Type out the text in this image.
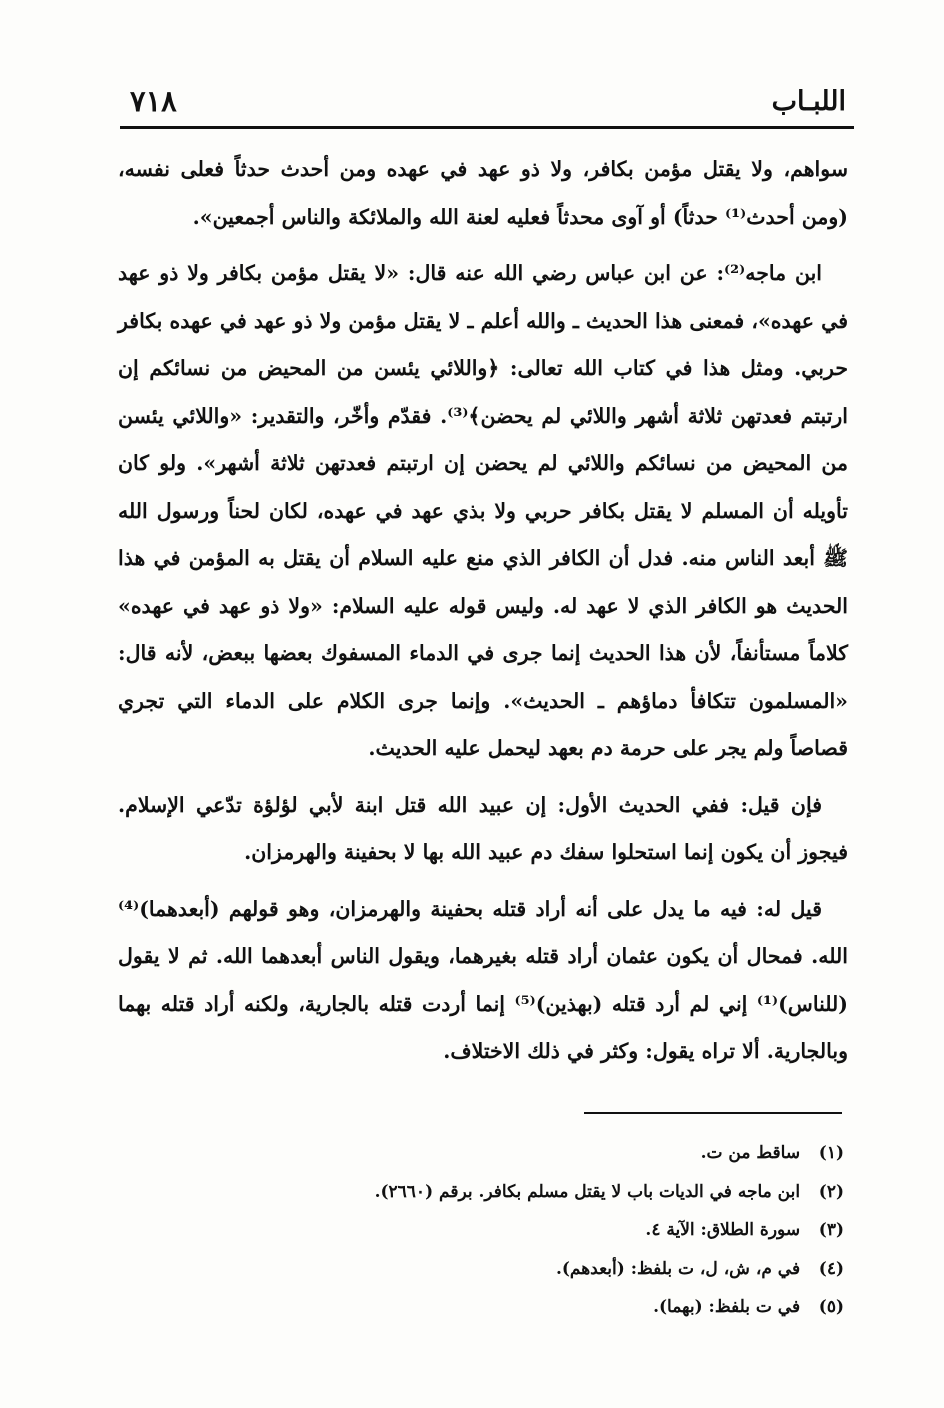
اللبـاب
٧١٨

سواهم، ولا يقتل مؤمن بكافر، ولا ذو عهد في عهده ومن أحدث حدثاً فعلى نفسه، (ومن أحدث⁽¹⁾ حدثاً) أو آوى محدثاً فعليه لعنة الله والملائكة والناس أجمعين».

ابن ماجه⁽²⁾: عن ابن عباس رضي الله عنه قال: «لا يقتل مؤمن بكافر ولا ذو عهد في عهده»، فمعنى هذا الحديث ـ والله أعلم ـ لا يقتل مؤمن ولا ذو عهد في عهده بكافر حربي. ومثل هذا في كتاب الله تعالى: ﴿واللائي يئسن من المحيض من نسائكم إن ارتبتم فعدتهن ثلاثة أشهر واللائي لم يحضن﴾⁽³⁾. فقدّم وأخّر، والتقدير: «واللائي يئسن من المحيض من نسائكم واللائي لم يحضن إن ارتبتم فعدتهن ثلاثة أشهر». ولو كان تأويله أن المسلم لا يقتل بكافر حربي ولا بذي عهد في عهده، لكان لحناً ورسول الله ﷺ أبعد الناس منه. فدل أن الكافر الذي منع عليه السلام أن يقتل به المؤمن في هذا الحديث هو الكافر الذي لا عهد له. وليس قوله عليه السلام: «ولا ذو عهد في عهده» كلاماً مستأنفاً، لأن هذا الحديث إنما جرى في الدماء المسفوك بعضها ببعض، لأنه قال: «المسلمون تتكافأ دماؤهم ـ الحديث». وإنما جرى الكلام على الدماء التي تجري قصاصاً ولم يجر على حرمة دم بعهد ليحمل عليه الحديث.

فإن قيل: ففي الحديث الأول: إن عبيد الله قتل ابنة لأبي لؤلؤة تدّعي الإسلام. فيجوز أن يكون إنما استحلوا سفك دم عبيد الله بها لا بحفينة والهرمزان.

قيل له: فيه ما يدل على أنه أراد قتله بحفينة والهرمزان، وهو قولهم (أبعدهما)⁽⁴⁾ الله. فمحال أن يكون عثمان أراد قتله بغيرهما، ويقول الناس أبعدهما الله. ثم لا يقول (للناس)⁽¹⁾ إني لم أرد قتله (بهذين)⁽⁵⁾ إنما أردت قتله بالجارية، ولكنه أراد قتله بهما وبالجارية. ألا تراه يقول: وكثر في ذلك الاختلاف.

(١) ساقط من ت.
(٢) ابن ماجه في الديات باب لا يقتل مسلم بكافر. برقم (٢٦٦٠).
(٣) سورة الطلاق: الآية ٤.
(٤) في م، ش، ل، ت بلفظ: (أبعدهم).
(٥) في ت بلفظ: (بهما).
